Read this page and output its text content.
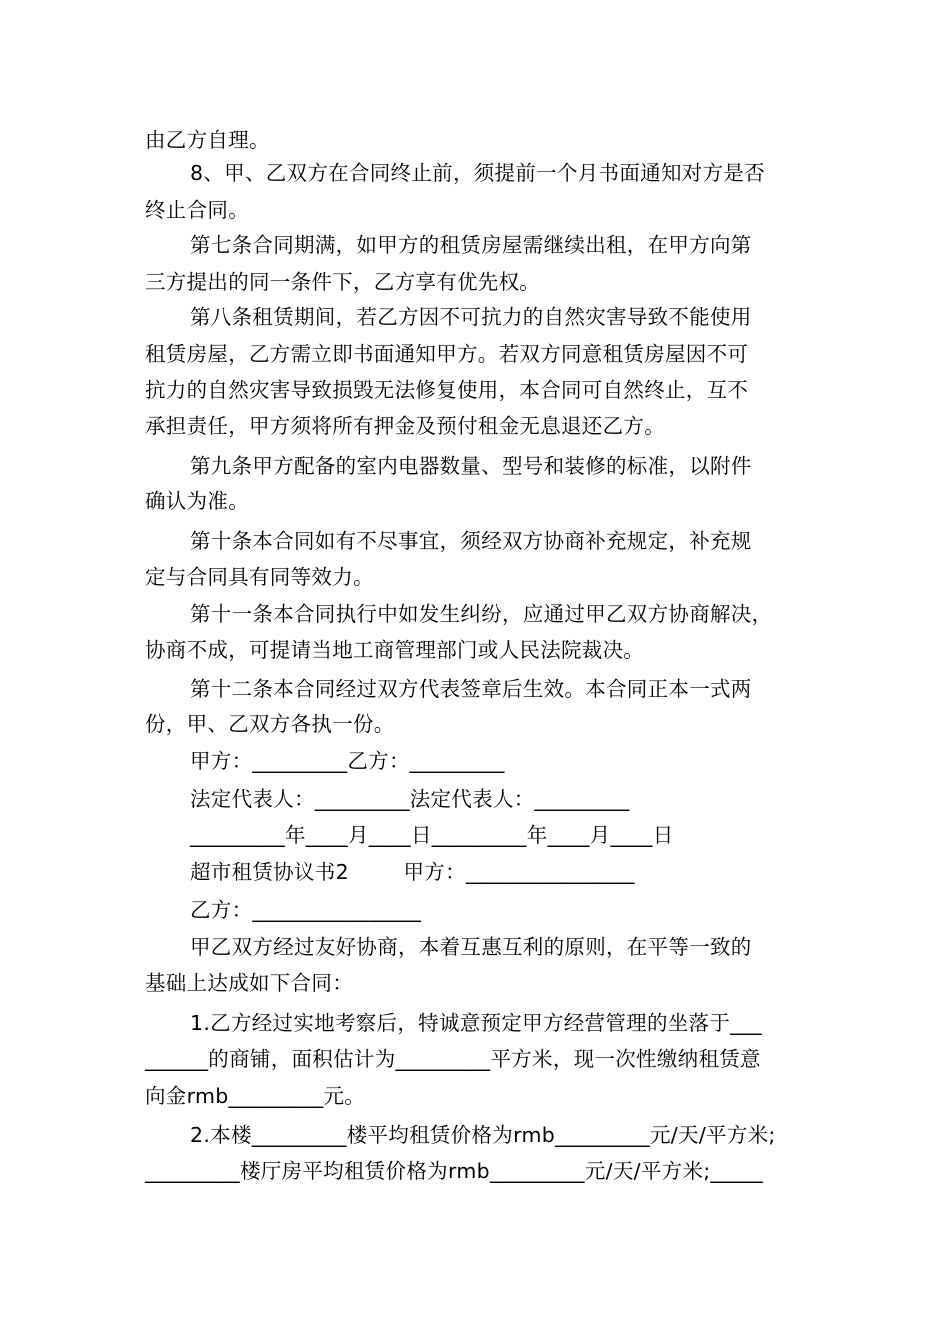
由乙方自理。
8、甲、乙双方在合同终止前，须提前一个月书面通知对方是否
终止合同。
第七条合同期满，如甲方的租赁房屋需继续出租，在甲方向第
三方提出的同一条件下，乙方享有优先权。
第八条租赁期间，若乙方因不可抗力的自然灾害导致不能使用
租赁房屋，乙方需立即书面通知甲方。若双方同意租赁房屋因不可
抗力的自然灾害导致损毁无法修复使用，本合同可自然终止，互不
承担责任，甲方须将所有押金及预付租金无息退还乙方。
第九条甲方配备的室内电器数量、型号和装修的标准，以附件
确认为准。
第十条本合同如有不尽事宜，须经双方协商补充规定，补充规
定与合同具有同等效力。
第十一条本合同执行中如发生纠纷，应通过甲乙双方协商解决，
协商不成，可提请当地工商管理部门或人民法院裁决。
第十二条本合同经过双方代表签章后生效。本合同正本一式两
份，甲、乙双方各执一份。
甲方：_________乙方：_________
法定代表人：_________法定代表人：_________
_________年____月____日_________年____月____日
超市租赁协议书2        甲方：________________
乙方：________________
甲乙双方经过友好协商，本着互惠互利的原则，在平等一致的
基础上达成如下合同：
1.乙方经过实地考察后，特诚意预定甲方经营管理的坐落于___
______的商铺，面积估计为_________平方米，现一次性缴纳租赁意
向金rmb_________元。
2.本楼_________楼平均租赁价格为rmb_________元/天/平方米;
_________楼厅房平均租赁价格为rmb_________元/天/平方米;_____
